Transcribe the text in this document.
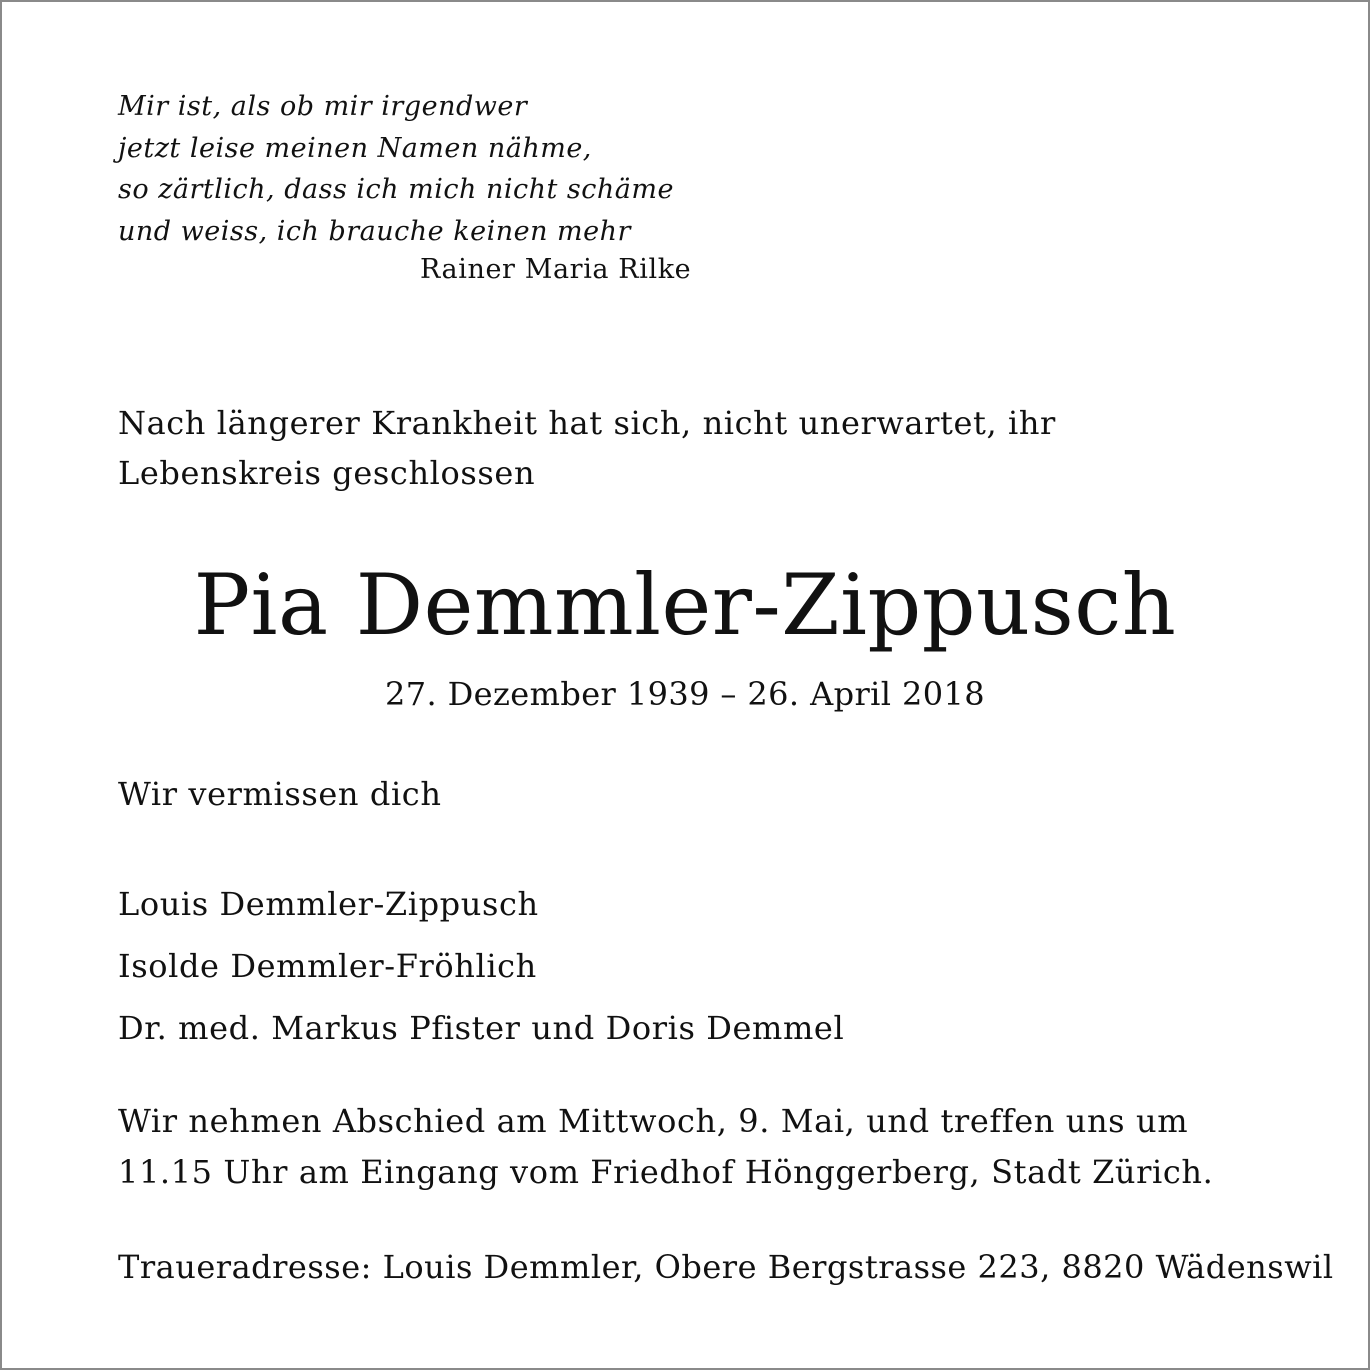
Mir ist, als ob mir irgendwer
jetzt leise meinen Namen nähme,
so zärtlich, dass ich mich nicht schäme
und weiss, ich brauche keinen mehr
Rainer Maria Rilke
Nach längerer Krankheit hat sich, nicht unerwartet, ihr Lebenskreis geschlossen
Pia Demmler-Zippusch
27. Dezember 1939 – 26. April 2018
Wir vermissen dich
Louis Demmler-Zippusch
Isolde Demmler-Fröhlich
Dr. med. Markus Pfister und Doris Demmel
Wir nehmen Abschied am Mittwoch, 9. Mai, und treffen uns um
11.15 Uhr am Eingang vom Friedhof Hönggerberg, Stadt Zürich.
Traueradresse: Louis Demmler, Obere Bergstrasse 223, 8820 Wädenswil
